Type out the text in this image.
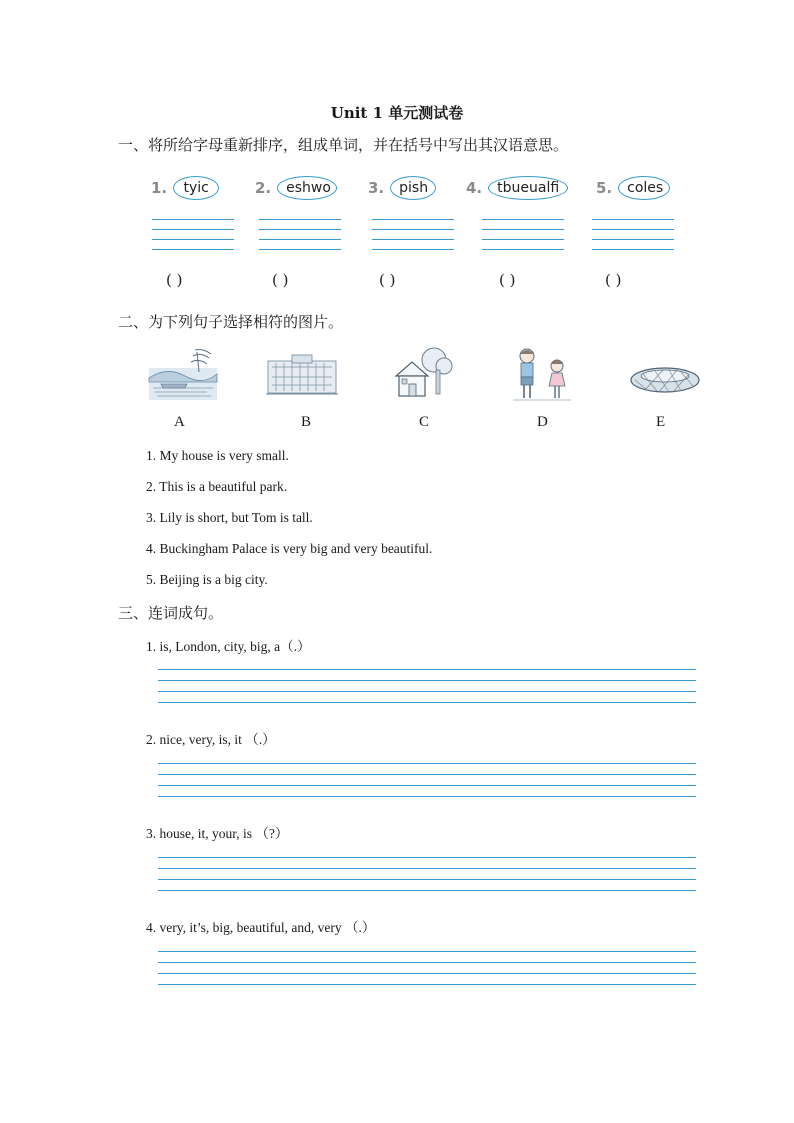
Unit 1 单元测试卷
一、将所给字母重新排序，组成单词，并在括号中写出其汉语意思。
1.	tyic	2.	eshwo	3.	pish	4.	tbueualfi	5.	coles
( )	( )	( )	( )	( )
二、为下列句子选择相符的图片。
A	B	C	D	E
1. My house is very small.
2. This is a beautiful park.
3. Lily is short, but Tom is tall.
4. Buckingham Palace is very big and very beautiful.
5. Beijing is a big city.
三、连词成句。
1. is, London, city, big, a（.）
2. nice, very, is, it （.）
3. house, it, your, is （?）
4. very, it’s, big, beautiful, and, very （.）
